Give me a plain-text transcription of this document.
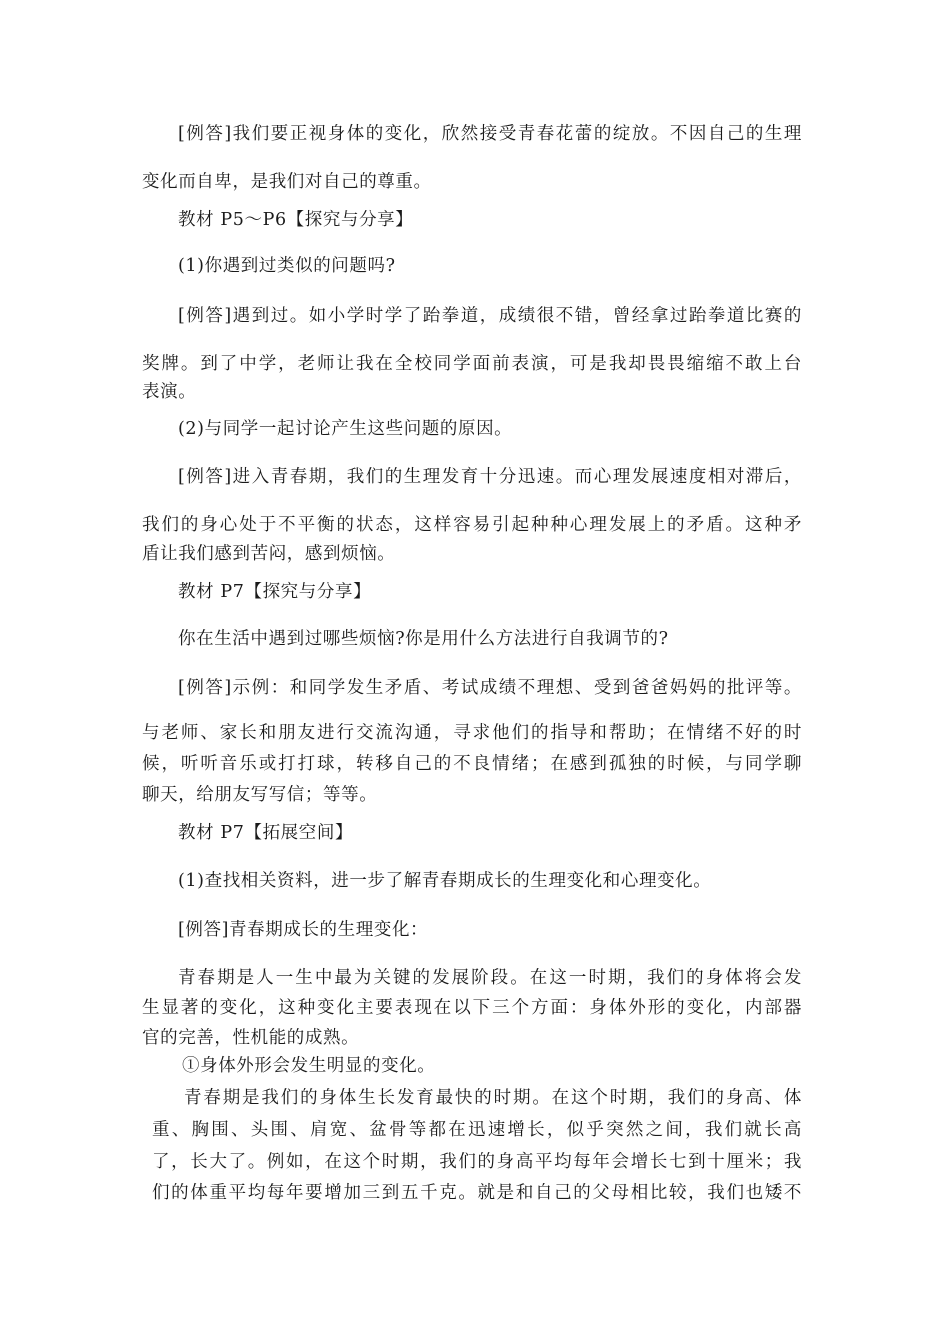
[例答]我们要正视身体的变化，欣然接受青春花蕾的绽放。不因自己的生理

变化而自卑，是我们对自己的尊重。

教材 P5～P6【探究与分享】

(1)你遇到过类似的问题吗?

[例答]遇到过。如小学时学了跆拳道，成绩很不错，曾经拿过跆拳道比赛的

奖牌。到了中学，老师让我在全校同学面前表演，可是我却畏畏缩缩不敢上台

表演。

(2)与同学一起讨论产生这些问题的原因。

[例答]进入青春期，我们的生理发育十分迅速。而心理发展速度相对滞后，

我们的身心处于不平衡的状态，这样容易引起种种心理发展上的矛盾。这种矛

盾让我们感到苦闷，感到烦恼。

教材 P7【探究与分享】

你在生活中遇到过哪些烦恼?你是用什么方法进行自我调节的?

[例答]示例：和同学发生矛盾、考试成绩不理想、受到爸爸妈妈的批评等。

与老师、家长和朋友进行交流沟通，寻求他们的指导和帮助；在情绪不好的时

候，听听音乐或打打球，转移自己的不良情绪；在感到孤独的时候，与同学聊

聊天，给朋友写写信；等等。

教材 P7【拓展空间】

(1)查找相关资料，进一步了解青春期成长的生理变化和心理变化。

[例答]青春期成长的生理变化：

青春期是人一生中最为关键的发展阶段。在这一时期，我们的身体将会发

生显著的变化，这种变化主要表现在以下三个方面：身体外形的变化，内部器

官的完善，性机能的成熟。

①身体外形会发生明显的变化。

青春期是我们的身体生长发育最快的时期。在这个时期，我们的身高、体

重、胸围、头围、肩宽、盆骨等都在迅速增长，似乎突然之间，我们就长高

了，长大了。例如，在这个时期，我们的身高平均每年会增长七到十厘米；我

们的体重平均每年要增加三到五千克。就是和自己的父母相比较，我们也矮不
